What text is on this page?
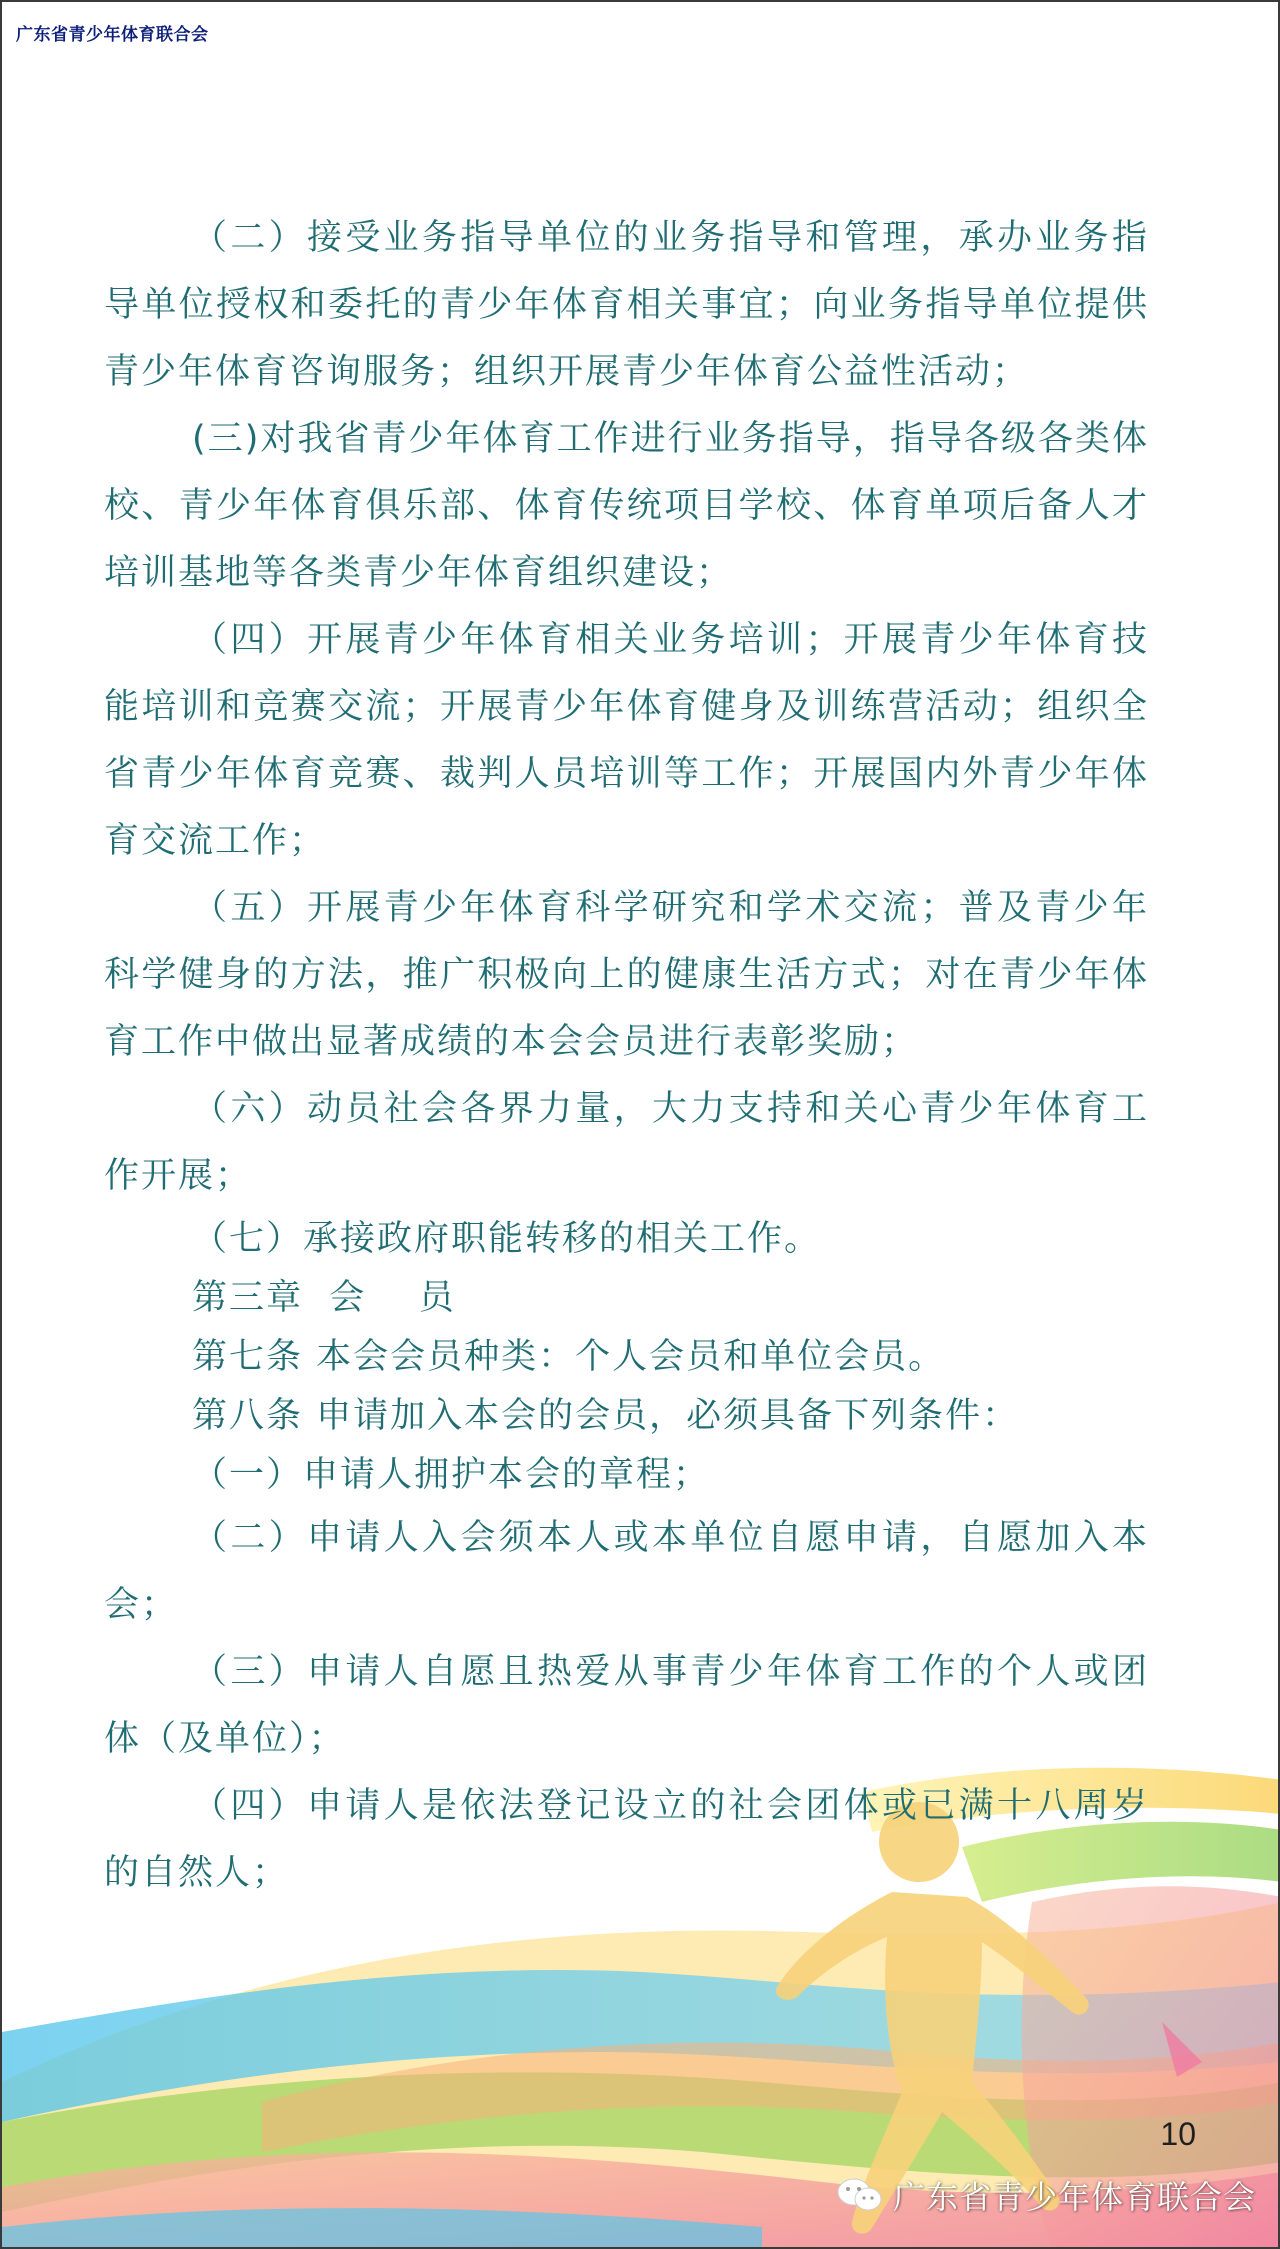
广东省青少年体育联合会

（二）接受业务指导单位的业务指导和管理，承办业务指导单位授权和委托的青少年体育相关事宜；向业务指导单位提供青少年体育咨询服务；组织开展青少年体育公益性活动；

(三)对我省青少年体育工作进行业务指导，指导各级各类体校、青少年体育俱乐部、体育传统项目学校、体育单项后备人才培训基地等各类青少年体育组织建设；

（四）开展青少年体育相关业务培训；开展青少年体育技能培训和竞赛交流；开展青少年体育健身及训练营活动；组织全省青少年体育竞赛、裁判人员培训等工作；开展国内外青少年体育交流工作；

（五）开展青少年体育科学研究和学术交流；普及青少年科学健身的方法，推广积极向上的健康生活方式；对在青少年体育工作中做出显著成绩的本会会员进行表彰奖励；

（六）动员社会各界力量，大力支持和关心青少年体育工作开展；

（七）承接政府职能转移的相关工作。

第三章  会    员

第七条 本会会员种类：个人会员和单位会员。

第八条 申请加入本会的会员，必须具备下列条件：

（一）申请人拥护本会的章程；

（二）申请人入会须本人或本单位自愿申请，自愿加入本会；

（三）申请人自愿且热爱从事青少年体育工作的个人或团体（及单位）；

（四）申请人是依法登记设立的社会团体或已满十八周岁的自然人；

10
广东省青少年体育联合会
